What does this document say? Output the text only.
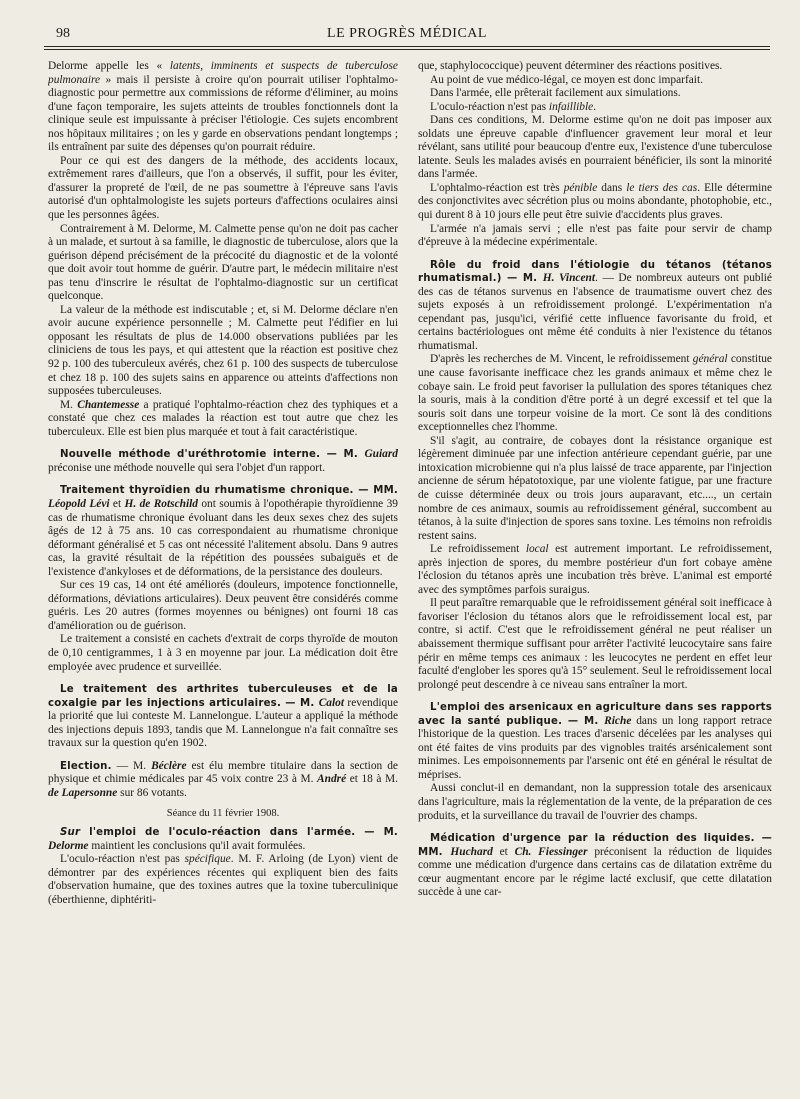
98	LE PROGRÈS MÉDICAL

Delorme appelle les « latents, imminents et suspects de tuberculose pulmonaire » mais il persiste à croire qu'on pourrait utiliser l'ophtalmo-diagnostic pour permettre aux commissions de réforme d'éliminer, au moins d'une façon temporaire, les sujets atteints de troubles fonctionnels dont la clinique seule est impuissante à préciser l'étiologie. Ces sujets encombrent nos hôpitaux militaires ; on les y garde en observations pendant longtemps ; ils entraînent par suite des dépenses qu'on pourrait réduire.

Pour ce qui est des dangers de la méthode, des accidents locaux, extrêmement rares d'ailleurs, que l'on a observés, il suffit, pour les éviter, d'assurer la propreté de l'œil, de ne pas soumettre à l'épreuve sans l'avis autorisé d'un ophtalmologiste les sujets porteurs d'affections oculaires ainsi que les personnes âgées.

Contrairement à M. Delorme, M. Calmette pense qu'on ne doit pas cacher à un malade, et surtout à sa famille, le diagnostic de tuberculose, alors que la guérison dépend précisément de la précocité du diagnostic et de la volonté que doit avoir tout homme de guérir. D'autre part, le médecin militaire n'est pas tenu d'inscrire le résultat de l'ophtalmo-diagnostic sur un certificat quelconque.

La valeur de la méthode est indiscutable ; et, si M. Delorme déclare n'en avoir aucune expérience personnelle ; M. Calmette peut l'édifier en lui opposant les résultats de plus de 14.000 observations publiées par les cliniciens de tous les pays, et qui attestent que la réaction est positive chez 92 p. 100 des tuberculeux avérés, chez 61 p. 100 des suspects de tuberculose et chez 18 p. 100 des sujets sains en apparence ou atteints d'affections non supposées tuberculeuses.

M. Chantemesse a pratiqué l'ophtalmo-réaction chez des typhiques et a constaté que chez ces malades la réaction est tout autre que chez les tuberculeux. Elle est bien plus marquée et tout à fait caractéristique.

Nouvelle méthode d'uréthrotomie interne. — M. Guiard préconise une méthode nouvelle qui sera l'objet d'un rapport.

Traitement thyroïdien du rhumatisme chronique. — MM. Léopold Lévi et H. de Rotschild ont soumis à l'opothérapie thyroïdienne 39 cas de rhumatisme chronique évoluant dans les deux sexes chez des sujets âgés de 12 à 75 ans. 10 cas correspondaient au rhumatisme chronique déformant généralisé et 5 cas ont nécessité l'alitement absolu. Dans 9 autres cas, la gravité résultait de la répétition des poussées subaiguës et de l'existence d'ankyloses et de déformations, de la persistance des douleurs.

Sur ces 19 cas, 14 ont été améliorés (douleurs, impotence fonctionnelle, déformations, déviations articulaires). Deux peuvent être considérés comme guéris. Les 20 autres (formes moyennes ou bénignes) ont fourni 18 cas d'amélioration ou de guérison.

Le traitement a consisté en cachets d'extrait de corps thyroïde de mouton de 0,10 centigrammes, 1 à 3 en moyenne par jour. La médication doit être employée avec prudence et surveillée.

Le traitement des arthrites tuberculeuses et de la coxalgie par les injections articulaires. — M. Calot revendique la priorité que lui conteste M. Lannelongue. L'auteur a appliqué la méthode des injections depuis 1893, tandis que M. Lannelongue n'a fait connaître ses travaux sur la question qu'en 1902.

Election. — M. Béclère est élu membre titulaire dans la section de physique et chimie médicales par 45 voix contre 23 à M. André et 18 à M. de Lapersonne sur 86 votants.

Séance du 11 février 1908.

Sur l'emploi de l'oculo-réaction dans l'armée. — M. Delorme maintient les conclusions qu'il avait formulées.

L'oculo-réaction n'est pas spécifique. M. F. Arloing (de Lyon) vient de démontrer par des expériences récentes qui expliquent bien des faits d'observation humaine, que des toxines autres que la toxine tuberculinique (éberthienne, diphtériti-

que, staphylococcique) peuvent déterminer des réactions positives.

Au point de vue médico-légal, ce moyen est donc imparfait.

Dans l'armée, elle prêterait facilement aux simulations.

L'oculo-réaction n'est pas infaillible.

Dans ces conditions, M. Delorme estime qu'on ne doit pas imposer aux soldats une épreuve capable d'influencer gravement leur moral et leur révélant, sans utilité pour beaucoup d'entre eux, l'existence d'une tuberculose latente. Seuls les malades avisés en pourraient bénéficier, ils sont la minorité dans l'armée.

L'ophtalmo-réaction est très pénible dans le tiers des cas. Elle détermine des conjonctivites avec sécrétion plus ou moins abondante, photophobie, etc., qui durent 8 à 10 jours elle peut être suivie d'accidents plus graves.

L'armée n'a jamais servi ; elle n'est pas faite pour servir de champ d'épreuve à la médecine expérimentale.

Rôle du froid dans l'étiologie du tétanos (tétanos rhumatismal.) — M. H. Vincent. — De nombreux auteurs ont publié des cas de tétanos survenus en l'absence de traumatisme ouvert chez des sujets exposés à un refroidissement prolongé. L'expérimentation n'a cependant pas, jusqu'ici, vérifié cette influence favorisante du froid, et certains bactériologues ont même été conduits à nier l'existence du tétanos rhumatismal.

D'après les recherches de M. Vincent, le refroidissement général constitue une cause favorisante inefficace chez les grands animaux et même chez le cobaye sain. Le froid peut favoriser la pullulation des spores tétaniques chez la souris, mais à la condition d'être porté à un degré excessif et tel que la souris soit dans une torpeur voisine de la mort. Ce sont là des conditions exceptionnelles chez l'homme.

S'il s'agit, au contraire, de cobayes dont la résistance organique est légèrement diminuée par une infection antérieure cependant guérie, par une intoxication microbienne qui n'a plus laissé de trace apparente, par l'injection ancienne de sérum hépatotoxique, par une violente fatigue, par une fracture de cuisse déterminée deux ou trois jours auparavant, etc...., un certain nombre de ces animaux, soumis au refroidissement général, succombent au tétanos, à la suite d'injection de spores sans toxine. Les témoins non refroidis restent sains.

Le refroidissement local est autrement important. Le refroidissement, après injection de spores, du membre postérieur d'un fort cobaye amène l'éclosion du tétanos après une incubation très brève. L'animal est emporté avec des symptômes parfois suraigus.

Il peut paraître remarquable que le refroidissement général soit inefficace à favoriser l'éclosion du tétanos alors que le refroidissement local est, par contre, si actif. C'est que le refroidissement général ne peut réaliser un abaissement thermique suffisant pour arrêter l'activité leucocytaire sans faire périr en même temps ces animaux : les leucocytes ne perdent en effet leur faculté d'englober les spores qu'à 15° seulement. Seul le refroidissement local prolongé peut descendre à ce niveau sans entraîner la mort.

L'emploi des arsenicaux en agriculture dans ses rapports avec la santé publique. — M. Riche dans un long rapport retrace l'historique de la question. Les traces d'arsenic décelées par les analyses qui ont été faites de vins produits par des vignobles traités arsénicalement sont minimes. Les empoisonnements par l'arsenic ont été en général le résultat de méprises.

Aussi conclut-il en demandant, non la suppression totale des arsenicaux dans l'agriculture, mais la réglementation de la vente, de la préparation de ces produits, et la surveillance du travail de l'ouvrier des champs.

Médication d'urgence par la réduction des liquides. — MM. Huchard et Ch. Fiessinger préconisent la réduction de liquides comme une médication d'urgence dans certains cas de dilatation extrême du cœur augmentant encore par le régime lacté exclusif, que cette dilatation succède à une car-
